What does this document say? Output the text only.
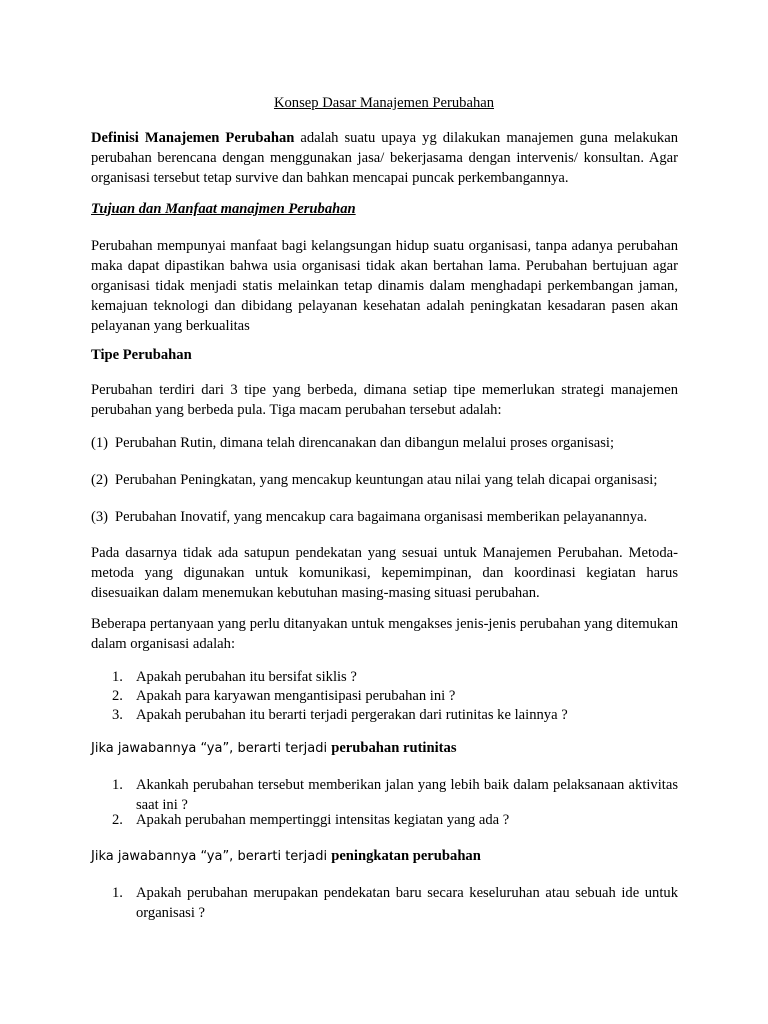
Konsep Dasar Manajemen Perubahan

Definisi Manajemen Perubahan adalah suatu upaya yg dilakukan manajemen guna melakukan perubahan berencana dengan menggunakan jasa/ bekerjasama dengan intervenis/ konsultan. Agar organisasi tersebut tetap survive dan bahkan mencapai puncak perkembangannya.

Tujuan dan Manfaat manajmen Perubahan

Perubahan mempunyai manfaat bagi kelangsungan hidup suatu organisasi, tanpa adanya perubahan maka dapat dipastikan bahwa usia organisasi tidak akan bertahan lama. Perubahan bertujuan agar organisasi tidak menjadi statis melainkan tetap dinamis dalam menghadapi perkembangan jaman, kemajuan teknologi dan dibidang pelayanan kesehatan adalah peningkatan kesadaran pasen akan pelayanan yang berkualitas

Tipe Perubahan

Perubahan terdiri dari 3 tipe yang berbeda, dimana setiap tipe memerlukan strategi manajemen perubahan yang berbeda pula. Tiga macam perubahan tersebut adalah:

(1) Perubahan Rutin, dimana telah direncanakan dan dibangun melalui proses organisasi;
(2) Perubahan Peningkatan, yang mencakup keuntungan atau nilai yang telah dicapai organisasi;
(3) Perubahan Inovatif, yang mencakup cara bagaimana organisasi memberikan pelayanannya.

Pada dasarnya tidak ada satupun pendekatan yang sesuai untuk Manajemen Perubahan. Metoda-metoda yang digunakan untuk komunikasi, kepemimpinan, dan koordinasi kegiatan harus disesuaikan dalam menemukan kebutuhan masing-masing situasi perubahan.

Beberapa pertanyaan yang perlu ditanyakan untuk mengakses jenis-jenis perubahan yang ditemukan dalam organisasi adalah:

1. Apakah perubahan itu bersifat siklis ?
2. Apakah para karyawan mengantisipasi perubahan ini ?
3. Apakah perubahan itu berarti terjadi pergerakan dari rutinitas ke lainnya ?
Jika jawabannya “ya”, berarti terjadi perubahan rutinitas
1. Akankah perubahan tersebut memberikan jalan yang lebih baik dalam pelaksanaan aktivitas saat ini ?
2. Apakah perubahan mempertinggi intensitas kegiatan yang ada ?
Jika jawabannya “ya”, berarti terjadi peningkatan perubahan
1. Apakah perubahan merupakan pendekatan baru secara keseluruhan atau sebuah ide untuk organisasi ?
